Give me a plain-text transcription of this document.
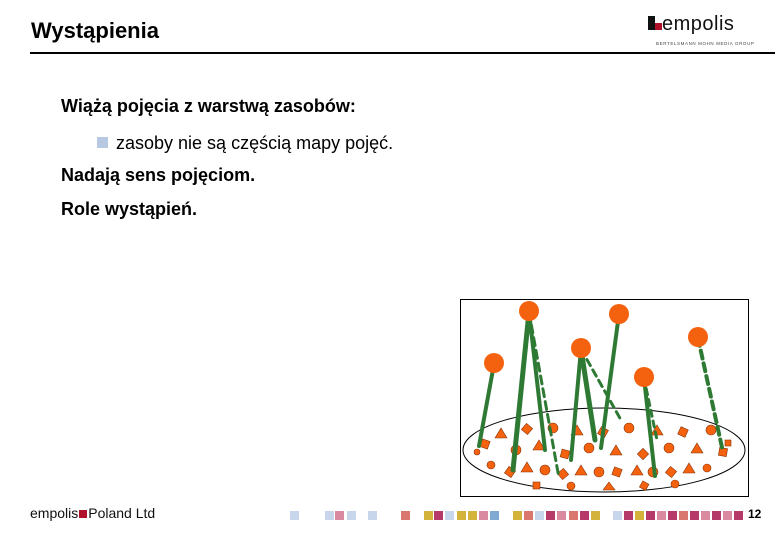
Wystąpienia	empolis
BERTELSMANN MOHN MEDIA GROUP
Wiążą pojęcia z warstwą zasobów:
zasoby nie są częścią mapy pojęć.
Nadają sens pojęciom.
Role wystąpień.
empolis Poland Ltd	12
